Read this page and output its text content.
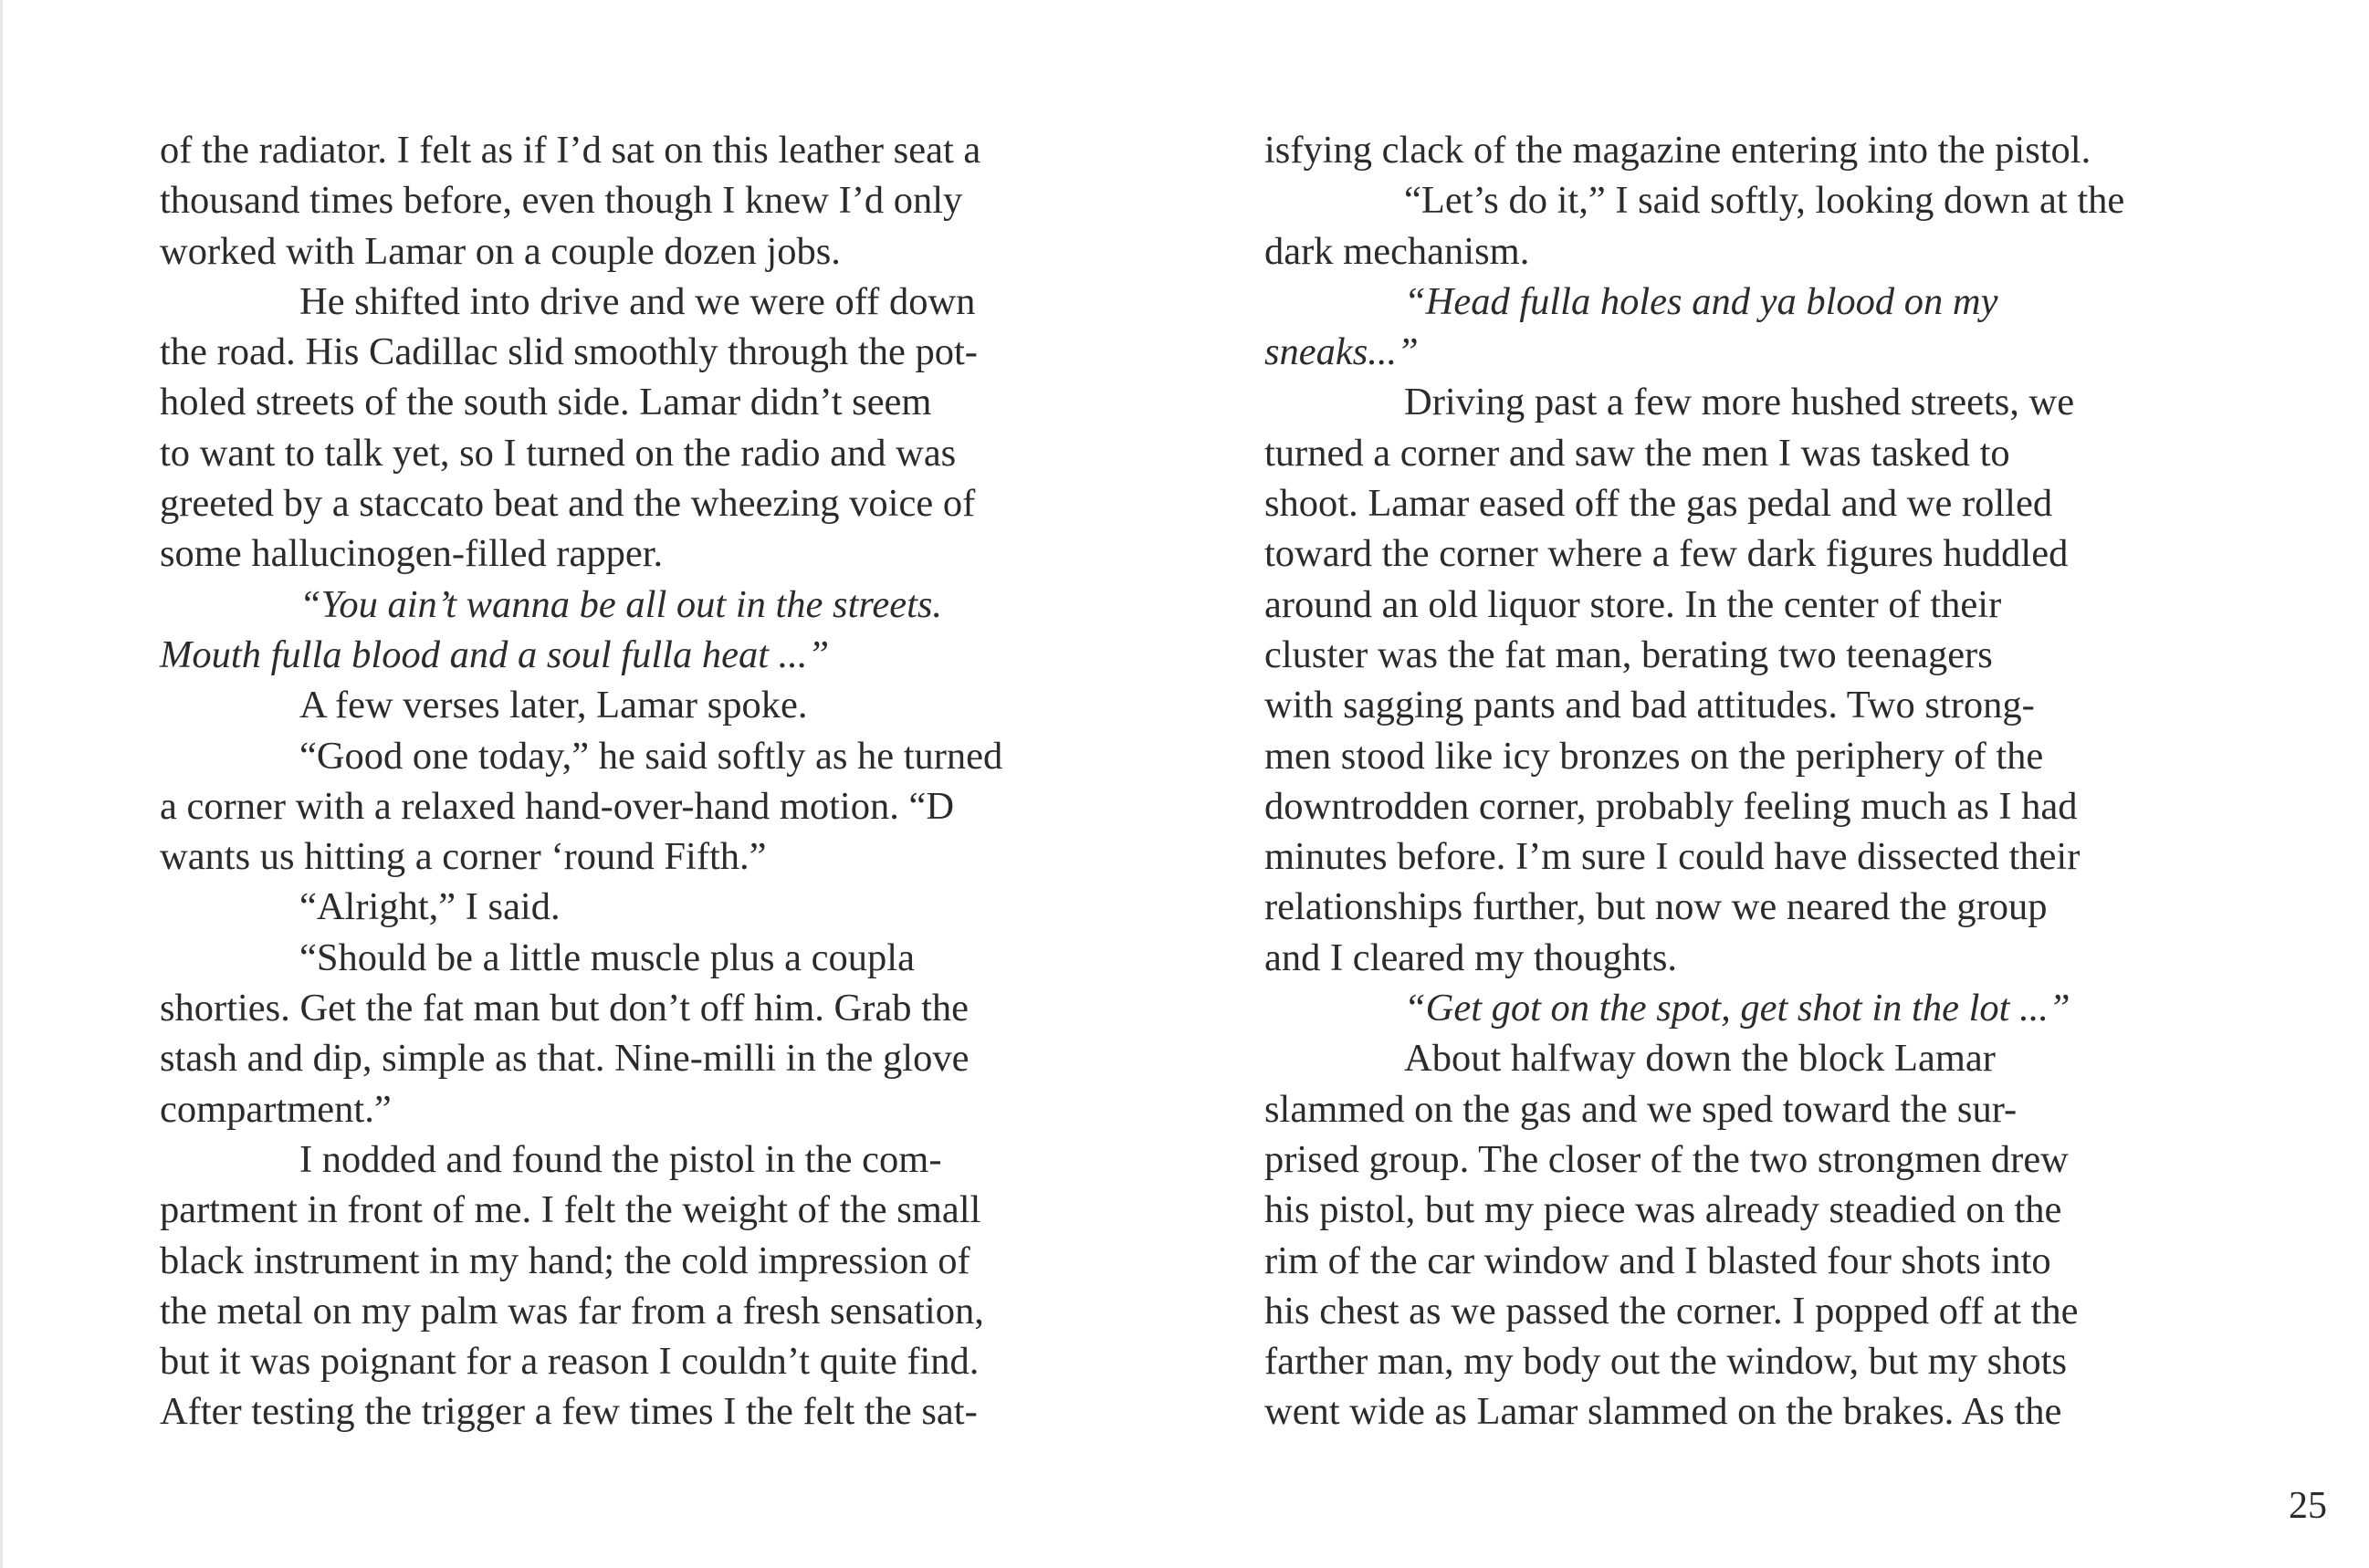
of the radiator. I felt as if I’d sat on this leather seat a
thousand times before, even though I knew I’d only
worked with Lamar on a couple dozen jobs.
He shifted into drive and we were off down
the road. His Cadillac slid smoothly through the pot-
holed streets of the south side. Lamar didn’t seem
to want to talk yet, so I turned on the radio and was
greeted by a staccato beat and the wheezing voice of
some hallucinogen-filled rapper.
“You ain’t wanna be all out in the streets.
Mouth fulla blood and a soul fulla heat ...”
A few verses later, Lamar spoke.
“Good one today,” he said softly as he turned
a corner with a relaxed hand-over-hand motion. “D
wants us hitting a corner ‘round Fifth.”
“Alright,” I said.
“Should be a little muscle plus a coupla
shorties. Get the fat man but don’t off him. Grab the
stash and dip, simple as that. Nine-milli in the glove
compartment.”
I nodded and found the pistol in the com-
partment in front of me. I felt the weight of the small
black instrument in my hand; the cold impression of
the metal on my palm was far from a fresh sensation,
but it was poignant for a reason I couldn’t quite find.
After testing the trigger a few times I the felt the sat-
isfying clack of the magazine entering into the pistol.
“Let’s do it,” I said softly, looking down at the
dark mechanism.
“Head fulla holes and ya blood on my
sneaks...”
Driving past a few more hushed streets, we
turned a corner and saw the men I was tasked to
shoot. Lamar eased off the gas pedal and we rolled
toward the corner where a few dark figures huddled
around an old liquor store. In the center of their
cluster was the fat man, berating two teenagers
with sagging pants and bad attitudes. Two strong-
men stood like icy bronzes on the periphery of the
downtrodden corner, probably feeling much as I had
minutes before. I’m sure I could have dissected their
relationships further, but now we neared the group
and I cleared my thoughts.
“Get got on the spot, get shot in the lot ...”
About halfway down the block Lamar
slammed on the gas and we sped toward the sur-
prised group. The closer of the two strongmen drew
his pistol, but my piece was already steadied on the
rim of the car window and I blasted four shots into
his chest as we passed the corner. I popped off at the
farther man, my body out the window, but my shots
went wide as Lamar slammed on the brakes. As the
25
